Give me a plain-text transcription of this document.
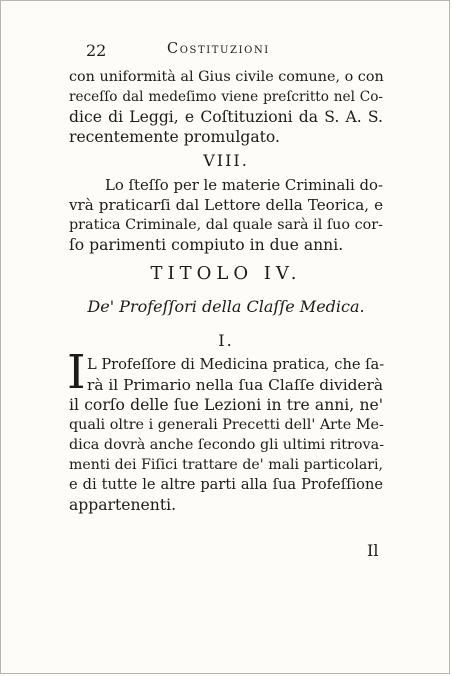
22	Costituzioni
con uniformità al Gius civile comune, o con
receſſo dal medeſimo viene preſcritto nel Co-
dice di Leggi, e Coſtituzioni da S. A. S.
recentemente promulgato.
VIII.
Lo ſteſſo per le materie Criminali do-
vrà praticarſi dal Lettore della Teorica, e
pratica Criminale, dal quale sarà il ſuo cor-
ſo parimenti compiuto in due anni.
TITOLO IV.
De' Profeſſori della Claſſe Medica.
I.
I L Profeſſore di Medicina pratica, che ſa-
rà il Primario nella ſua Claſſe dividerà
il corſo delle ſue Lezioni in tre anni, ne'
quali oltre i generali Precetti dell' Arte Me-
dica dovrà anche ſecondo gli ultimi ritrova-
menti dei Fiſici trattare de' mali particolari,
e di tutte le altre parti alla ſua Profeſſione
appartenenti.
Il
